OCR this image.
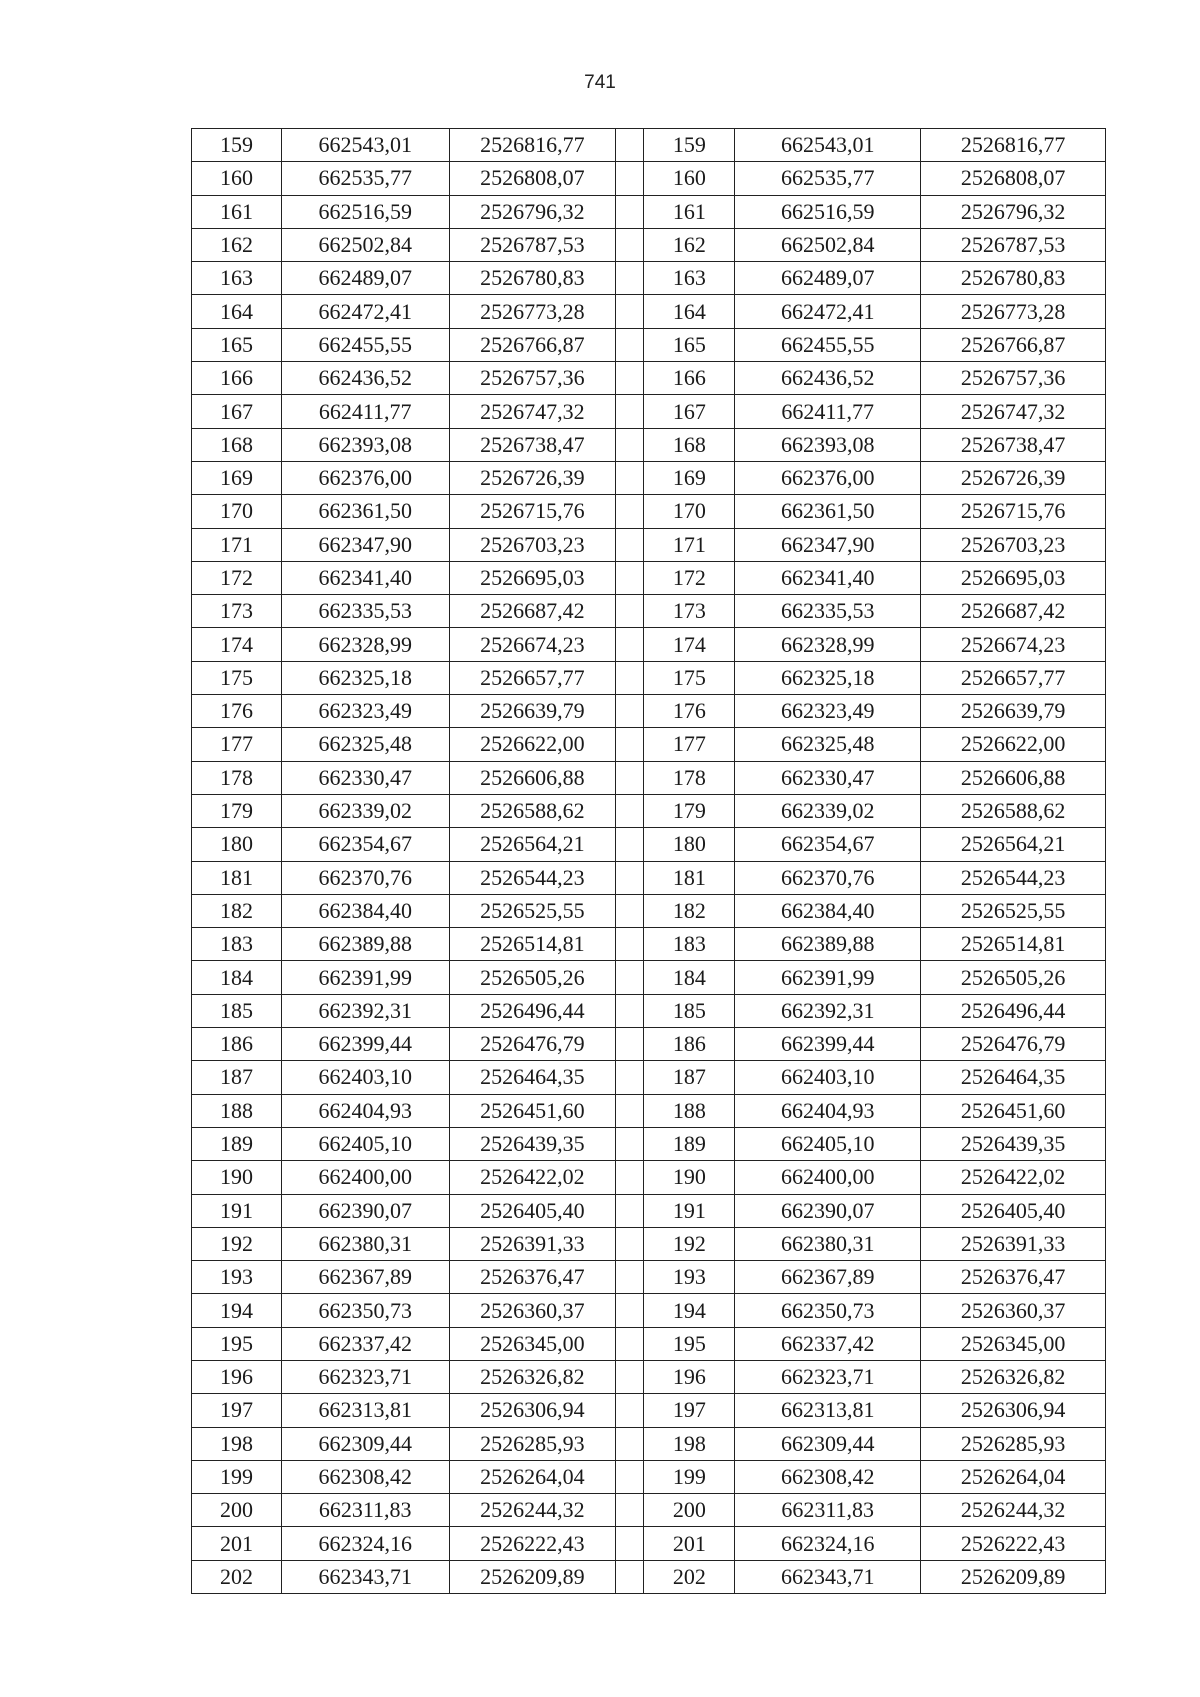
741
159	662543,01	2526816,77		159	662543,01	2526816,77
160	662535,77	2526808,07		160	662535,77	2526808,07
161	662516,59	2526796,32		161	662516,59	2526796,32
162	662502,84	2526787,53		162	662502,84	2526787,53
163	662489,07	2526780,83		163	662489,07	2526780,83
164	662472,41	2526773,28		164	662472,41	2526773,28
165	662455,55	2526766,87		165	662455,55	2526766,87
166	662436,52	2526757,36		166	662436,52	2526757,36
167	662411,77	2526747,32		167	662411,77	2526747,32
168	662393,08	2526738,47		168	662393,08	2526738,47
169	662376,00	2526726,39		169	662376,00	2526726,39
170	662361,50	2526715,76		170	662361,50	2526715,76
171	662347,90	2526703,23		171	662347,90	2526703,23
172	662341,40	2526695,03		172	662341,40	2526695,03
173	662335,53	2526687,42		173	662335,53	2526687,42
174	662328,99	2526674,23		174	662328,99	2526674,23
175	662325,18	2526657,77		175	662325,18	2526657,77
176	662323,49	2526639,79		176	662323,49	2526639,79
177	662325,48	2526622,00		177	662325,48	2526622,00
178	662330,47	2526606,88		178	662330,47	2526606,88
179	662339,02	2526588,62		179	662339,02	2526588,62
180	662354,67	2526564,21		180	662354,67	2526564,21
181	662370,76	2526544,23		181	662370,76	2526544,23
182	662384,40	2526525,55		182	662384,40	2526525,55
183	662389,88	2526514,81		183	662389,88	2526514,81
184	662391,99	2526505,26		184	662391,99	2526505,26
185	662392,31	2526496,44		185	662392,31	2526496,44
186	662399,44	2526476,79		186	662399,44	2526476,79
187	662403,10	2526464,35		187	662403,10	2526464,35
188	662404,93	2526451,60		188	662404,93	2526451,60
189	662405,10	2526439,35		189	662405,10	2526439,35
190	662400,00	2526422,02		190	662400,00	2526422,02
191	662390,07	2526405,40		191	662390,07	2526405,40
192	662380,31	2526391,33		192	662380,31	2526391,33
193	662367,89	2526376,47		193	662367,89	2526376,47
194	662350,73	2526360,37		194	662350,73	2526360,37
195	662337,42	2526345,00		195	662337,42	2526345,00
196	662323,71	2526326,82		196	662323,71	2526326,82
197	662313,81	2526306,94		197	662313,81	2526306,94
198	662309,44	2526285,93		198	662309,44	2526285,93
199	662308,42	2526264,04		199	662308,42	2526264,04
200	662311,83	2526244,32		200	662311,83	2526244,32
201	662324,16	2526222,43		201	662324,16	2526222,43
202	662343,71	2526209,89		202	662343,71	2526209,89
